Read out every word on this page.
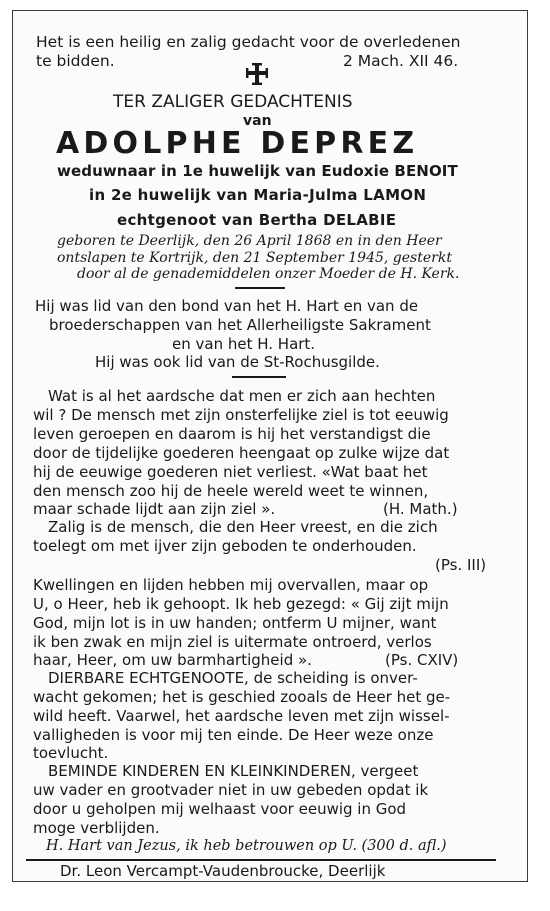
Het is een heilig en zalig gedacht voor de overledenen
te bidden.	2 Mach. XII 46.
TER ZALIGER GEDACHTENIS
van
ADOLPHE DEPREZ
weduwnaar in 1e huwelijk van Eudoxie BENOIT
in 2e huwelijk van Maria-Julma LAMON
echtgenoot van Bertha DELABIE
geboren te Deerlijk, den 26 April 1868 en in den Heer
ontslapen te Kortrijk, den 21 September 1945, gesterkt
door al de genademiddelen onzer Moeder de H. Kerk.
Hij was lid van den bond van het H. Hart en van de
broederschappen van het Allerheiligste Sakrament
en van het H. Hart.
Hij was ook lid van de St-Rochusgilde.
Wat is al het aardsche dat men er zich aan hechten
wil ? De mensch met zijn onsterfelijke ziel is tot eeuwig
leven geroepen en daarom is hij het verstandigst die
door de tijdelijke goederen heengaat op zulke wijze dat
hij de eeuwige goederen niet verliest. «Wat baat het
den mensch zoo hij de heele wereld weet te winnen,
maar schade lijdt aan zijn ziel ».	(H. Math.)
Zalig is de mensch, die den Heer vreest, en die zich
toelegt om met ijver zijn geboden te onderhouden.
(Ps. III)
Kwellingen en lijden hebben mij overvallen, maar op
U, o Heer, heb ik gehoopt. Ik heb gezegd: « Gij zijt mijn
God, mijn lot is in uw handen; ontferm U mijner, want
ik ben zwak en mijn ziel is uitermate ontroerd, verlos
haar, Heer, om uw barmhartigheid ».	(Ps. CXIV)
DIERBARE ECHTGENOOTE, de scheiding is onver-
wacht gekomen; het is geschied zooals de Heer het ge-
wild heeft. Vaarwel, het aardsche leven met zijn wissel-
valligheden is voor mij ten einde. De Heer weze onze
toevlucht.
BEMINDE KINDEREN EN KLEINKINDEREN, vergeet
uw vader en grootvader niet in uw gebeden opdat ik
door u geholpen mij welhaast voor eeuwig in God
moge verblijden.
H. Hart van Jezus, ik heb betrouwen op U. (300 d. afl.)
Dr. Leon Vercampt-Vaudenbroucke, Deerlijk
